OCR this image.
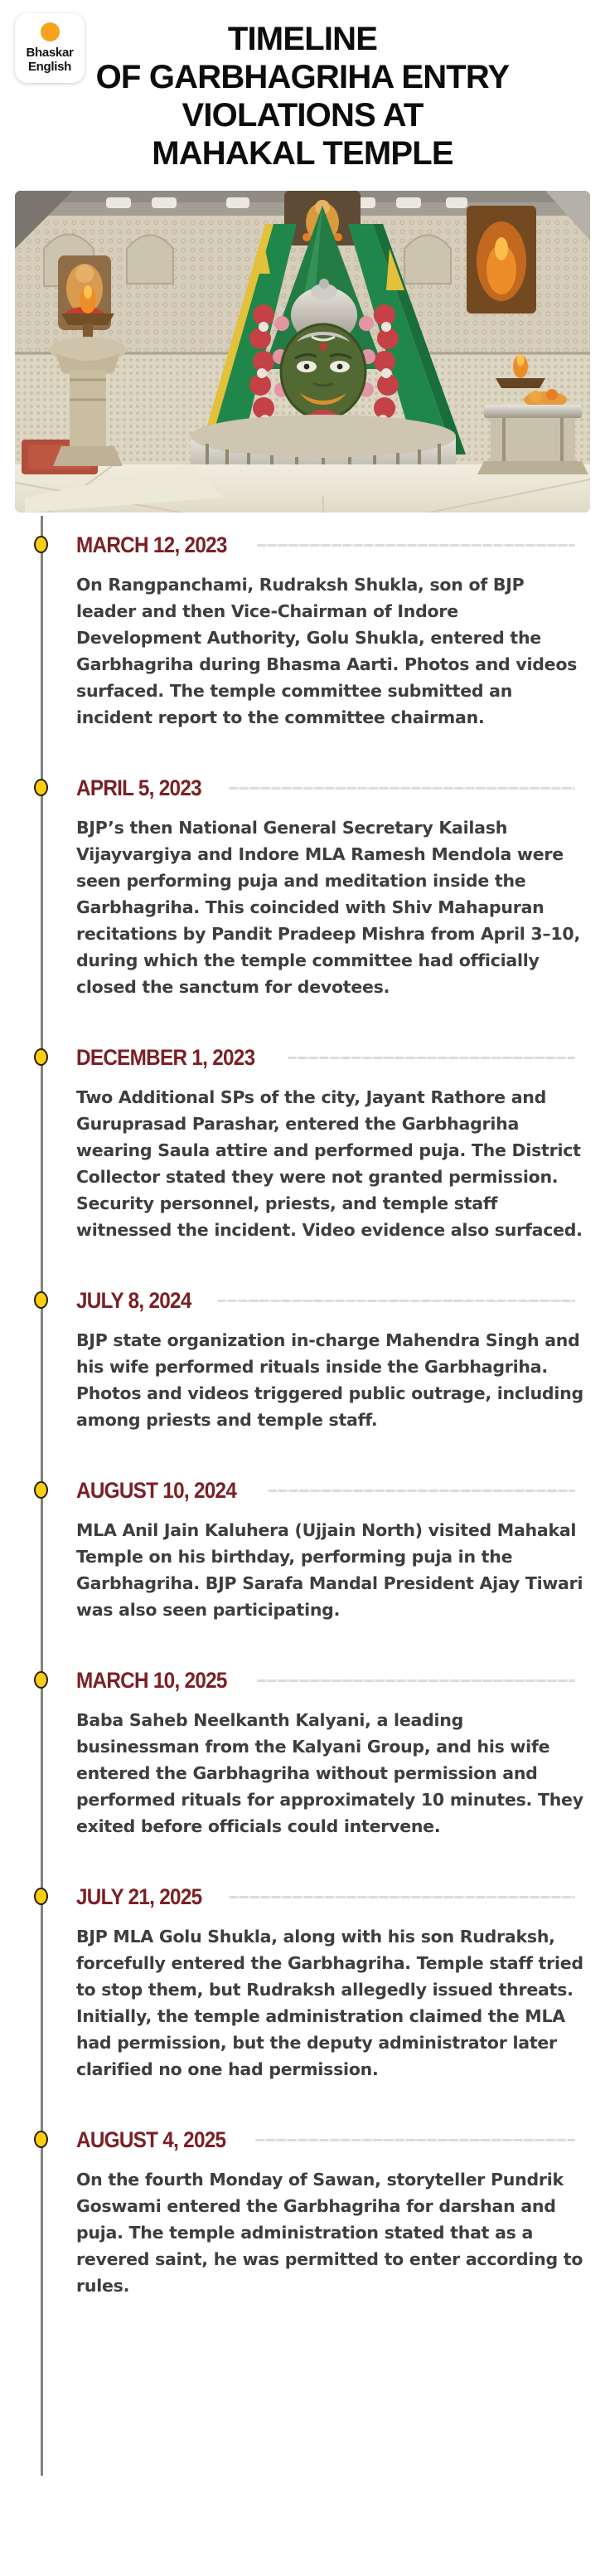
Bhaskar
English
TIMELINE
OF GARBHAGRIHA ENTRY
VIOLATIONS AT
MAHAKAL TEMPLE
MARCH 12, 2023
On Rangpanchami, Rudraksh Shukla, son of BJP leader and then Vice-Chairman of Indore Development Authority, Golu Shukla, entered the Garbhagriha during Bhasma Aarti. Photos and videos surfaced. The temple committee submitted an incident report to the committee chairman.
APRIL 5, 2023
BJP’s then National General Secretary Kailash Vijayvargiya and Indore MLA Ramesh Mendola were seen performing puja and meditation inside the Garbhagriha. This coincided with Shiv Mahapuran recitations by Pandit Pradeep Mishra from April 3–10, during which the temple committee had officially closed the sanctum for devotees.
DECEMBER 1, 2023
Two Additional SPs of the city, Jayant Rathore and Guruprasad Parashar, entered the Garbhagriha wearing Saula attire and performed puja. The District Collector stated they were not granted permission. Security personnel, priests, and temple staff witnessed the incident. Video evidence also surfaced.
JULY 8, 2024
BJP state organization in-charge Mahendra Singh and his wife performed rituals inside the Garbhagriha. Photos and videos triggered public outrage, including among priests and temple staff.
AUGUST 10, 2024
MLA Anil Jain Kaluhera (Ujjain North) visited Mahakal Temple on his birthday, performing puja in the Garbhagriha. BJP Sarafa Mandal President Ajay Tiwari was also seen participating.
MARCH 10, 2025
Baba Saheb Neelkanth Kalyani, a leading businessman from the Kalyani Group, and his wife entered the Garbhagriha without permission and performed rituals for approximately 10 minutes. They exited before officials could intervene.
JULY 21, 2025
BJP MLA Golu Shukla, along with his son Rudraksh, forcefully entered the Garbhagriha. Temple staff tried to stop them, but Rudraksh allegedly issued threats. Initially, the temple administration claimed the MLA had permission, but the deputy administrator later clarified no one had permission.
AUGUST 4, 2025
On the fourth Monday of Sawan, storyteller Pundrik Goswami entered the Garbhagriha for darshan and puja. The temple administration stated that as a revered saint, he was permitted to enter according to rules.
